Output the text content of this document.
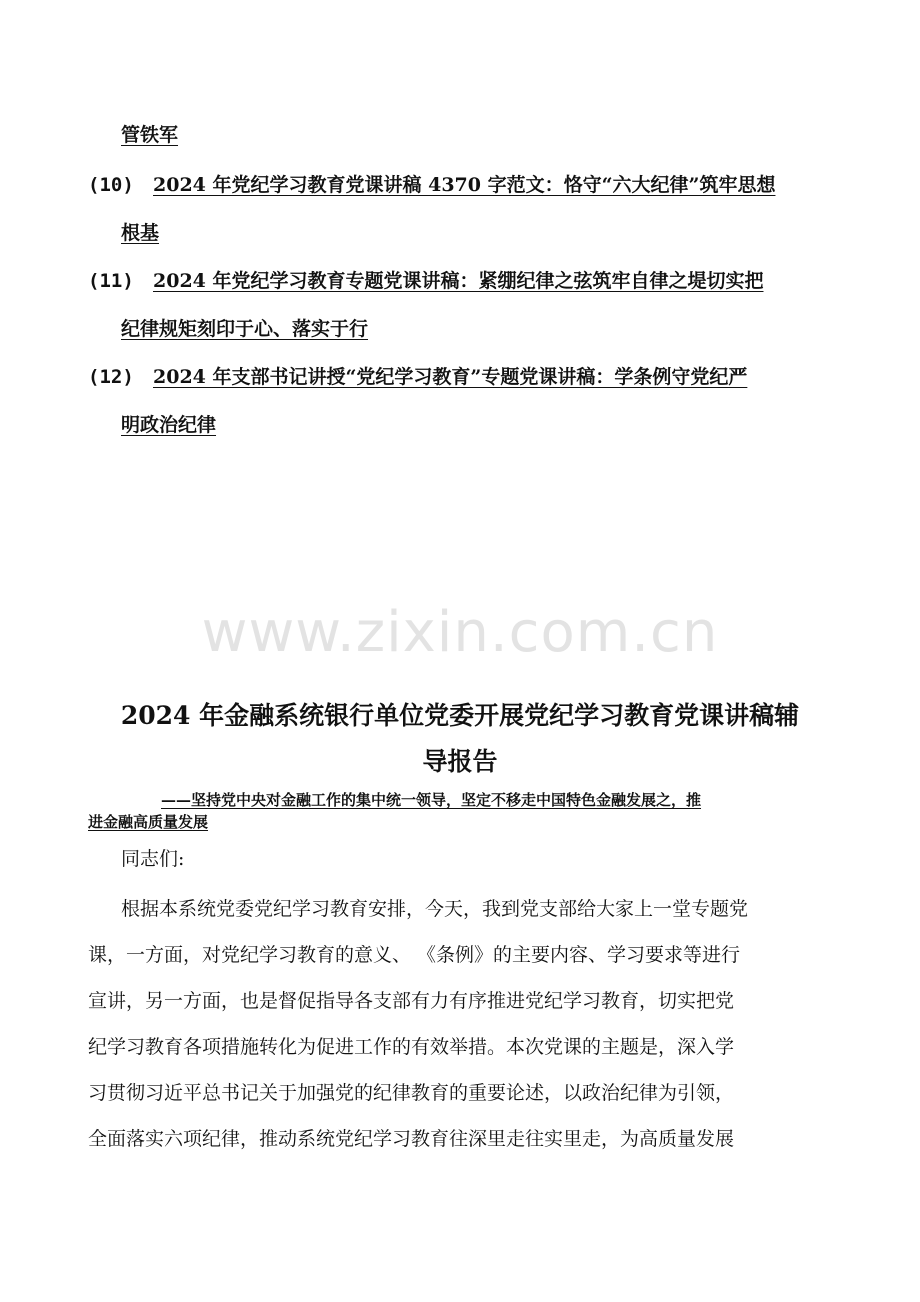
管铁军
(10) 2024 年党纪学习教育党课讲稿 4370 字范文：恪守“六大纪律”筑牢思想
根基
(11) 2024 年党纪学习教育专题党课讲稿：紧绷纪律之弦筑牢自律之堤切实把
纪律规矩刻印于心、落实于行
(12) 2024 年支部书记讲授“党纪学习教育”专题党课讲稿：学条例守党纪严
明政治纪律
www.zixin.com.cn
2024 年金融系统银行单位党委开展党纪学习教育党课讲稿辅
导报告
——坚持党中央对金融工作的集中统一领导，坚定不移走中国特色金融发展之，推
进金融高质量发展
同志们:
根据本系统党委党纪学习教育安排，今天，我到党支部给大家上一堂专题党
课，一方面，对党纪学习教育的意义、 《条例》的主要内容、学习要求等进行
宣讲，另一方面，也是督促指导各支部有力有序推进党纪学习教育，切实把党
纪学习教育各项措施转化为促进工作的有效举措。本次党课的主题是，深入学
习贯彻习近平总书记关于加强党的纪律教育的重要论述，以政治纪律为引领，
全面落实六项纪律，推动系统党纪学习教育往深里走往实里走，为高质量发展
